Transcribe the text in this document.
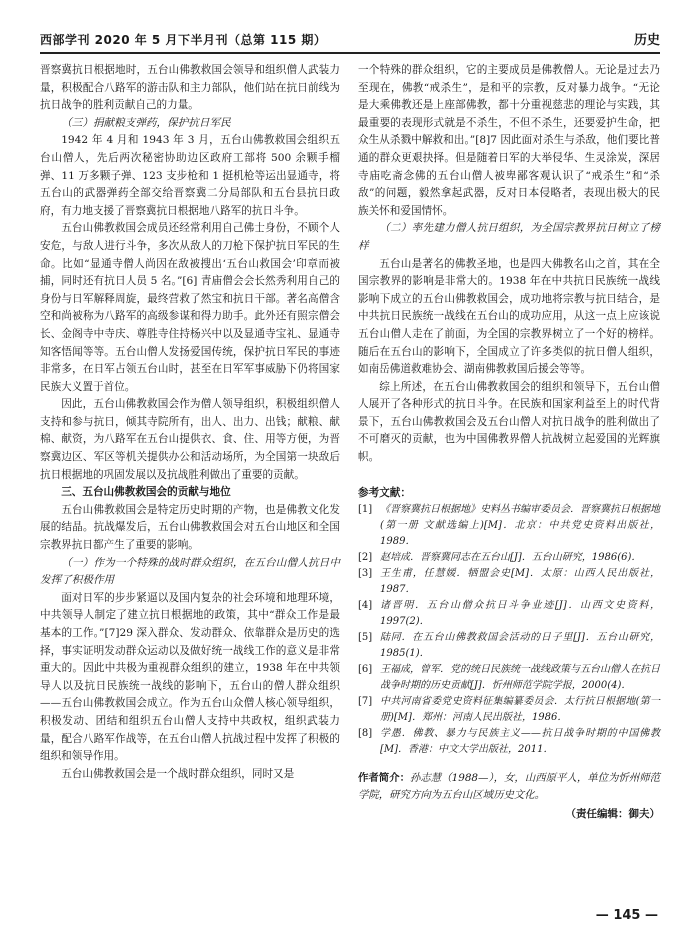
西部学刊 2020 年 5 月下半月刊（总第 115 期）	历史

晋察冀抗日根据地时，五台山佛教救国会领导和组织僧人武装力量，积极配合八路军的游击队和主力部队，他们站在抗日前线为抗日战争的胜利贡献自己的力量。

（三）捐献粮支弹药，保护抗日军民

1942 年 4 月和 1943 年 3 月，五台山佛教救国会组织五台山僧人，先后两次秘密协助边区政府工部将 500 余颗手榴弹、11 万多颗子弹、123 支步枪和 1 挺机枪等运出显通寺，将五台山的武器弹药全部交给晋察冀二分局部队和五台县抗日政府，有力地支援了晋察冀抗日根据地八路军的抗日斗争。

五台山佛教救国会成员还经常利用自己佛士身份，不顾个人安危，与敌人进行斗争，多次从敌人的刀枪下保护抗日军民的生命。比如“显通寺僧人尚因在敌被搜出‘五台山救国会’印章而被捕，同时还有抗日人员 5 名。”[6] 青庙僧会会长然秀利用自己的身份与日军解释周旋，最终营救了然宝和抗日干部。著名高僧含空和尚被称为八路军的高级参谋和得力助手。此外还有照宗僧会长、金阁寺中寺庆、尊胜寺住持杨兴中以及显通寺宝礼、显通寺知客悟闻等等。五台山僧人发扬爱国传统，保护抗日军民的事迹非常多，在日军占领五台山时，甚至在日军军事威胁下仍将国家民族大义置于首位。

因此，五台山佛教救国会作为僧人领导组织，积极组织僧人支持和参与抗日，倾其寺院所有，出人、出力、出钱；献粮、献棉、献资，为八路军在五台山提供衣、食、住、用等方便，为晋察冀边区、军区等机关提供办公和活动场所，为全国第一块敌后抗日根据地的巩固发展以及抗战胜利做出了重要的贡献。

三、五台山佛教救国会的贡献与地位

五台山佛教救国会是特定历史时期的产物，也是佛教文化发展的结晶。抗战爆发后，五台山佛教救国会对五台山地区和全国宗教界抗日都产生了重要的影响。

（一）作为一个特殊的战时群众组织，在五台山僧人抗日中发挥了积极作用

面对日军的步步紧逼以及国内复杂的社会环境和地理环境，中共领导人制定了建立抗日根据地的政策，其中“群众工作是最基本的工作。”[7]29 深入群众、发动群众、依靠群众是历史的选择，事实证明发动群众运动以及做好统一战线工作的意义是非常重大的。因此中共极为重视群众组织的建立，1938 年在中共领导人以及抗日民族统一战线的影响下，五台山的僧人群众组织——五台山佛教救国会成立。作为五台山众僧人核心领导组织，积极发动、团结和组织五台山僧人支持中共政权，组织武装力量，配合八路军作战等，在五台山僧人抗战过程中发挥了积极的组织和领导作用。

五台山佛教救国会是一个战时群众组织，同时又是

一个特殊的群众组织，它的主要成员是佛教僧人。无论是过去乃至现在，佛教“戒杀生”，是和平的宗教，反对暴力战争。“无论是大乘佛教还是上座部佛教，都十分重视慈悲的理论与实践，其最重要的表现形式就是不杀生，不但不杀生，还要爱护生命，把众生从杀戮中解救和出。”[8]7 因此面对杀生与杀敌，他们要比普通的群众更艰抉择。但是随着日军的大举侵华、生灵涂炭，深居寺庙吃斋念佛的五台山僧人被卑鄙客观认识了“戒杀生”和“杀敌”的问题，毅然拿起武器，反对日本侵略者，表现出极大的民族关怀和爱国情怀。

（二）率先建力僧人抗日组织，为全国宗教界抗日树立了榜样

五台山是著名的佛教圣地，也是四大佛教名山之首，其在全国宗教界的影响是非常大的。1938 年在中共抗日民族统一战线影响下成立的五台山佛教救国会，成功地将宗教与抗日结合，是中共抗日民族统一战线在五台山的成功应用，从这一点上应该说五台山僧人走在了前面，为全国的宗教界树立了一个好的榜样。随后在五台山的影响下，全国成立了许多类似的抗日僧人组织，如南岳佛道救难协会、湖南佛教救国后援会等等。

综上所述，在五台山佛教救国会的组织和领导下，五台山僧人展开了各种形式的抗日斗争。在民族和国家利益至上的时代背景下，五台山佛教救国会及五台山僧人对抗日战争的胜利做出了不可磨灭的贡献，也为中国佛教界僧人抗战树立起爱国的光辉旗帜。

参考文献：
[1] 《晋察冀抗日根据地》史料丛书编审委员会．晋察冀抗日根据地(第一册 文献选编上)[M]．北京：中共党史资料出版社，1989．
[2] 赵培成．晋察冀同志在五台山[J]．五台山研究，1986(6)．
[3] 王生甫，任慧媛．牺盟会史[M]．太原：山西人民出版社，1987．
[4] 诸晋明．五台山僧众抗日斗争业迹[J]．山西文史资料，1997(2)．
[5] 陆同．在五台山佛教救国会活动的日子里[J]．五台山研究，1985(1)．
[6] 王福成，曾军．党的统日民族统一战线政策与五台山僧人在抗日战争时期的历史贡献[J]．忻州师范学院学报，2000(4)．
[7] 中共河南省委党史资料征集编纂委员会．太行抗日根据地(第一册)[M]．郑州：河南人民出版社，1986．
[8] 学愚．佛教、暴力与民族主义——抗日战争时期的中国佛教[M]．香港：中文大学出版社，2011．
作者简介：孙志慧（1988—），女，山西原平人，单位为忻州师范学院，研究方向为五台山区域历史文化。
（责任编辑：御夫）
— 145 —
